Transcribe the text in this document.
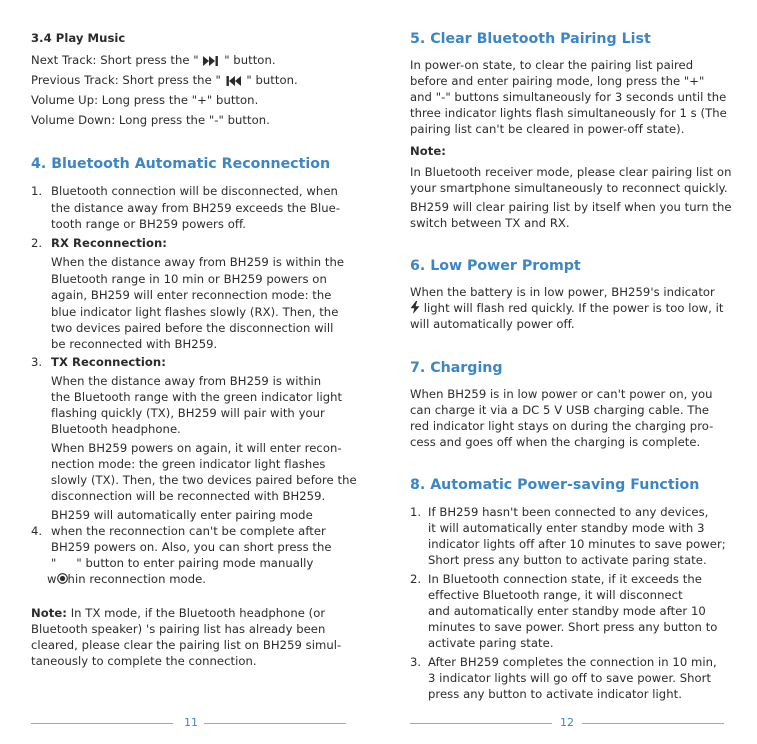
3.4 Play Music
Next Track: Short press the " " button.
Previous Track: Short press the " " button.
Volume Up: Long press the "+" button.
Volume Down: Long press the "-" button.
4. Bluetooth Automatic Reconnection
1. Bluetooth connection will be disconnected, when
the distance away from BH259 exceeds the Blue-
tooth range or BH259 powers off.
2. RX Reconnection:
When the distance away from BH259 is within the
Bluetooth range in 10 min or BH259 powers on
again, BH259 will enter reconnection mode: the
blue indicator light flashes slowly (RX). Then, the
two devices paired before the disconnection will
be reconnected with BH259.
3. TX Reconnection:
When the distance away from BH259 is within
the Bluetooth range with the green indicator light
flashing quickly (TX), BH259 will pair with your
Bluetooth headphone.
When BH259 powers on again, it will enter recon-
nection mode: the green indicator light flashes
slowly (TX). Then, the two devices paired before the
disconnection will be reconnected with BH259.
BH259 will automatically enter pairing mode
4. when the reconnection can't be complete after
BH259 powers on. Also, you can short press the
" " button to enter pairing mode manually
w hin reconnection mode.
Note: In TX mode, if the Bluetooth headphone (or
Bluetooth speaker) 's pairing list has already been
cleared, please clear the pairing list on BH259 simul-
taneously to complete the connection.
11
5. Clear Bluetooth Pairing List
In power-on state, to clear the pairing list paired
before and enter pairing mode, long press the "+"
and "-" buttons simultaneously for 3 seconds until the
three indicator lights flash simultaneously for 1 s (The
pairing list can't be cleared in power-off state).
Note:
In Bluetooth receiver mode, please clear pairing list on
your smartphone simultaneously to reconnect quickly.
BH259 will clear pairing list by itself when you turn the
switch between TX and RX.
6. Low Power Prompt
When the battery is in low power, BH259's indicator
light will flash red quickly. If the power is too low, it
will automatically power off.
7. Charging
When BH259 is in low power or can't power on, you
can charge it via a DC 5 V USB charging cable. The
red indicator light stays on during the charging pro-
cess and goes off when the charging is complete.
8. Automatic Power-saving Function
1. If BH259 hasn't been connected to any devices,
it will automatically enter standby mode with 3
indicator lights off after 10 minutes to save power;
Short press any button to activate paring state.
2. In Bluetooth connection state, if it exceeds the
effective Bluetooth range, it will disconnect
and automatically enter standby mode after 10
minutes to save power. Short press any button to
activate paring state.
3. After BH259 completes the connection in 10 min,
3 indicator lights will go off to save power. Short
press any button to activate indicator light.
12
